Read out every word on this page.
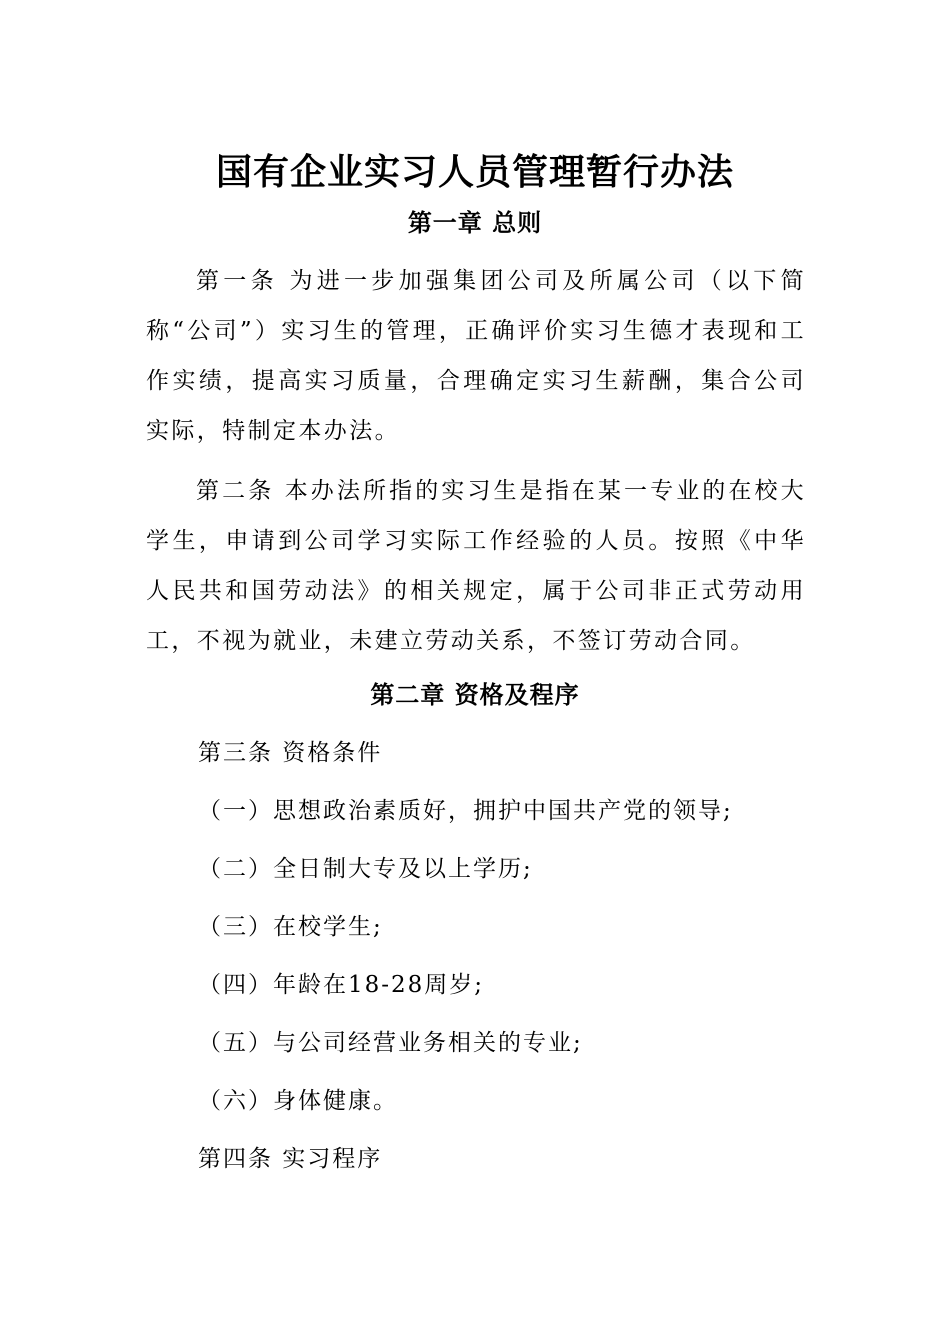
国有企业实习人员管理暂行办法
第一章 总则

第一条 为进一步加强集团公司及所属公司（以下简称“公司”）实习生的管理，正确评价实习生德才表现和工作实绩，提高实习质量，合理确定实习生薪酬，集合公司实际，特制定本办法。

第二条 本办法所指的实习生是指在某一专业的在校大学生，申请到公司学习实际工作经验的人员。按照《中华人民共和国劳动法》的相关规定，属于公司非正式劳动用工，不视为就业，未建立劳动关系，不签订劳动合同。

第二章 资格及程序

第三条 资格条件

（一）思想政治素质好，拥护中国共产党的领导;

（二）全日制大专及以上学历;

（三）在校学生;

（四）年龄在18-28周岁;

（五）与公司经营业务相关的专业;

（六）身体健康。

第四条 实习程序
